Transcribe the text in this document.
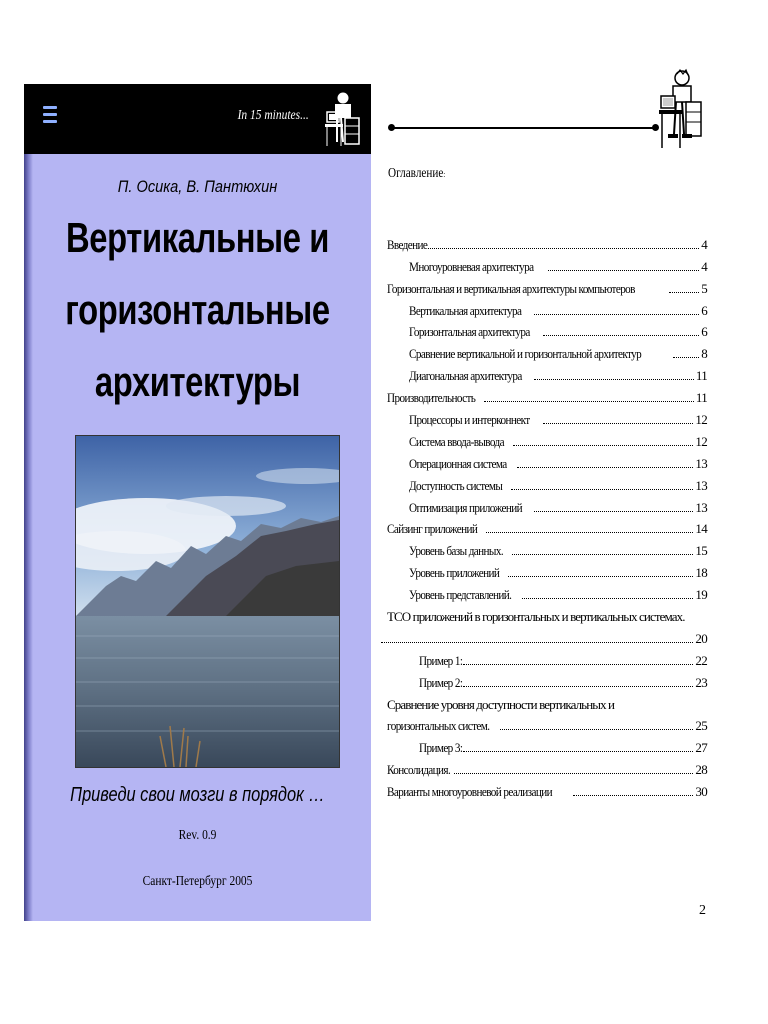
In 15 minutes...
П. Осика, В. Пантюхин
Вертикальные и
горизонтальные
архитектуры
Приведи свои мозги в порядок …
Rev. 0.9
Санкт-Петербург 2005
Оглавление:
Введение	4
Многоуровневая архитектура	4
Горизонтальная и вертикальная архитектуры компьютеров	5
Вертикальная архитектура	6
Горизонтальная архитектура	6
Сравнение вертикальной и горизонтальной архитектур	8
Диагональная архитектура	11
Производительность	11
Процессоры и интерконнект	12
Система ввода-вывода	12
Операционная система	13
Доступность системы	13
Оптимизация приложений	13
Сайзинг приложений	14
Уровень базы данных.	15
Уровень приложений	18
Уровень представлений.	19
TCO приложений в горизонтальных и вертикальных системах.
20
Пример 1:	22
Пример 2:	23
Сравнение уровня доступности вертикальных и
горизонтальных систем.	25
Пример 3:	27
Консолидация.	28
Варианты многоуровневой реализации	30
2
